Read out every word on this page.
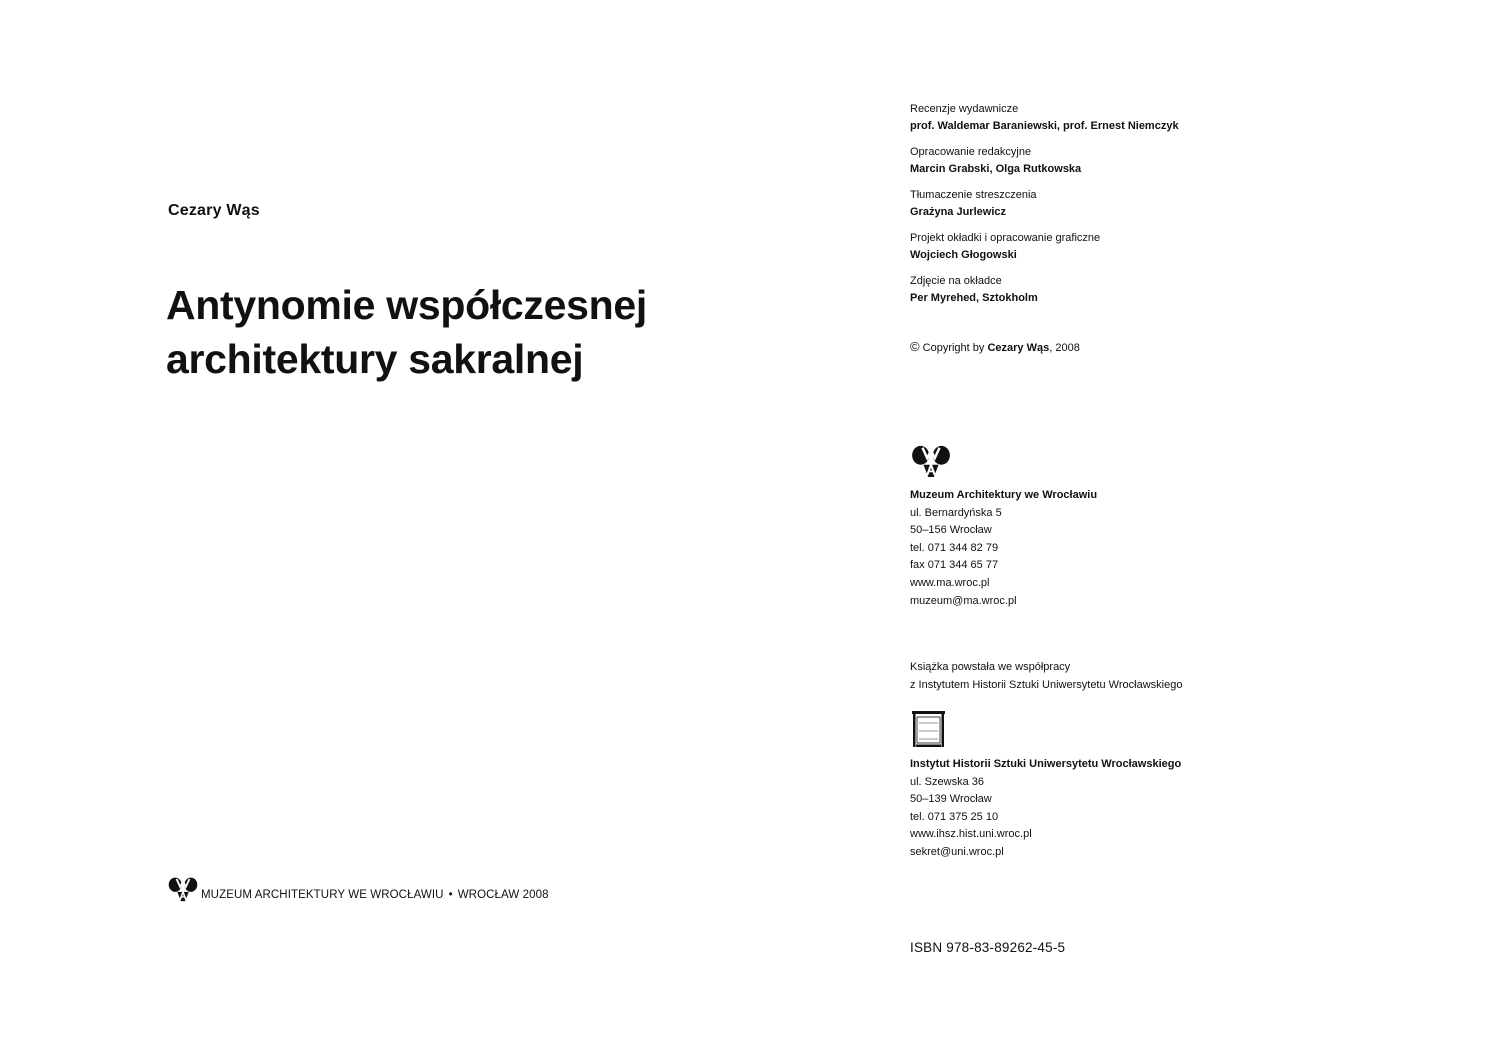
Cezary Wąs
Antynomie współczesnej
architektury sakralnej
MUZEUM ARCHITEKTURY WE WROCŁAWIU • WROCŁAW 2008
Recenzje wydawnicze
prof. Waldemar Baraniewski, prof. Ernest Niemczyk
Opracowanie redakcyjne
Marcin Grabski, Olga Rutkowska
Tłumaczenie streszczenia
Grażyna Jurlewicz
Projekt okładki i opracowanie graficzne
Wojciech Głogowski
Zdjęcie na okładce
Per Myrehed, Sztokholm
© Copyright by Cezary Wąs, 2008
Muzeum Architektury we Wrocławiu
ul. Bernardyńska 5
50–156 Wrocław
tel. 071 344 82 79
fax 071 344 65 77
www.ma.wroc.pl
muzeum@ma.wroc.pl
Książka powstała we współpracy
z Instytutem Historii Sztuki Uniwersytetu Wrocławskiego
Instytut Historii Sztuki Uniwersytetu Wrocławskiego
ul. Szewska 36
50–139 Wrocław
tel. 071 375 25 10
www.ihsz.hist.uni.wroc.pl
sekret@uni.wroc.pl
ISBN 978-83-89262-45-5
